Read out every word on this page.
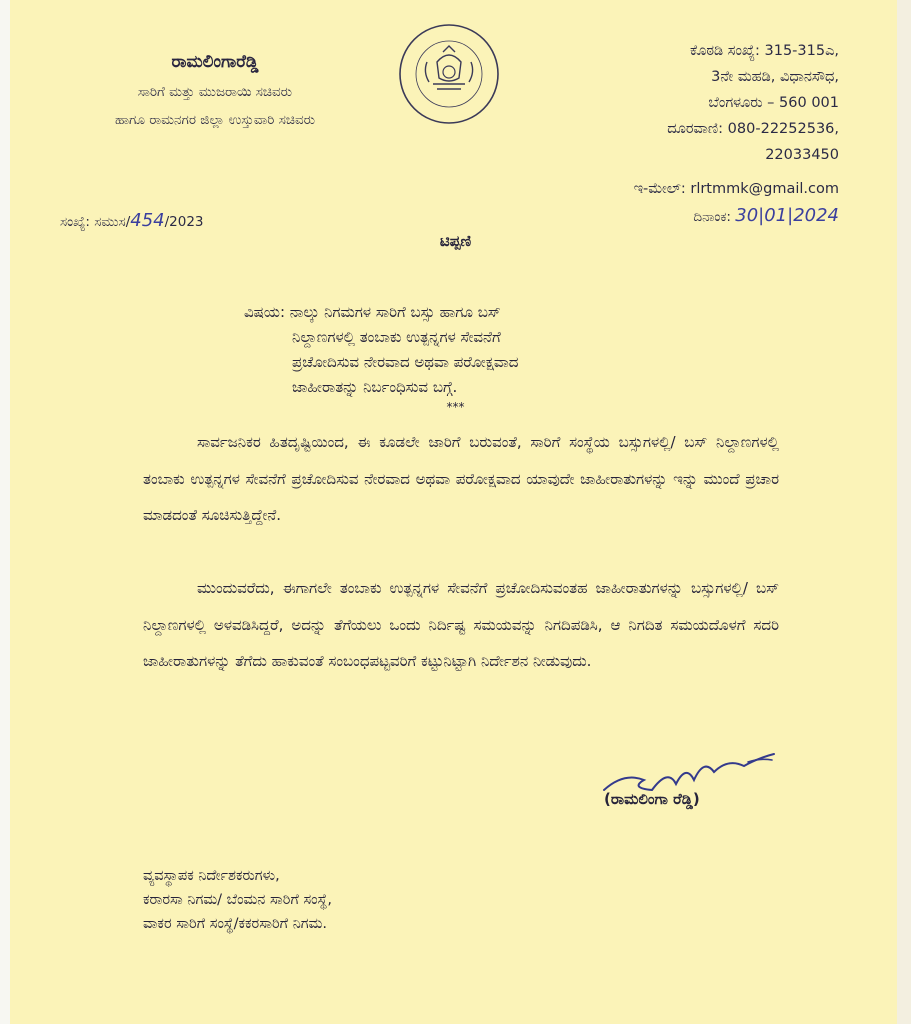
ರಾಮಲಿಂಗಾರೆಡ್ಡಿ
ಸಾರಿಗೆ ಮತ್ತು ಮುಜರಾಯಿ ಸಚಿವರು
ಹಾಗೂ ರಾಮನಗರ ಜಿಲ್ಲಾ ಉಸ್ತುವಾರಿ ಸಚಿವರು
ಕೊಠಡಿ ಸಂಖ್ಯೆ: 315-315ಎ,
3ನೇ ಮಹಡಿ, ವಿಧಾನಸೌಧ,
ಬೆಂಗಳೂರು – 560 001
ದೂರವಾಣಿ: 080-22252536,
22033450
ಇ-ಮೇಲ್: rlrtmmk@gmail.com
ಸಂಖ್ಯೆ: ಸಮುಸ/454/2023	ದಿನಾಂಕ: 30|01|2024
ಟಿಪ್ಪಣಿ
ವಿಷಯ: ನಾಲ್ಕು ನಿಗಮಗಳ ಸಾರಿಗೆ ಬಸ್ಸು ಹಾಗೂ ಬಸ್
ನಿಲ್ದಾಣಗಳಲ್ಲಿ ತಂಬಾಕು ಉತ್ಪನ್ನಗಳ ಸೇವನೆಗೆ
ಪ್ರಚೋದಿಸುವ ನೇರವಾದ ಅಥವಾ ಪರೋಕ್ಷವಾದ
ಜಾಹೀರಾತನ್ನು ನಿರ್ಬಂಧಿಸುವ ಬಗ್ಗೆ.
***
ಸಾರ್ವಜನಿಕರ ಹಿತದೃಷ್ಟಿಯಿಂದ, ಈ ಕೂಡಲೇ ಜಾರಿಗೆ ಬರುವಂತೆ, ಸಾರಿಗೆ ಸಂಸ್ಥೆಯ ಬಸ್ಸುಗಳಲ್ಲಿ/ ಬಸ್ ನಿಲ್ದಾಣಗಳಲ್ಲಿ ತಂಬಾಕು ಉತ್ಪನ್ನಗಳ ಸೇವನೆಗೆ ಪ್ರಚೋದಿಸುವ ನೇರವಾದ ಅಥವಾ ಪರೋಕ್ಷವಾದ ಯಾವುದೇ ಜಾಹೀರಾತುಗಳನ್ನು ಇನ್ನು ಮುಂದೆ ಪ್ರಚಾರ ಮಾಡದಂತೆ ಸೂಚಿಸುತ್ತಿದ್ದೇನೆ.
ಮುಂದುವರೆದು, ಈಗಾಗಲೇ ತಂಬಾಕು ಉತ್ಪನ್ನಗಳ ಸೇವನೆಗೆ ಪ್ರಚೋದಿಸುವಂತಹ ಜಾಹೀರಾತುಗಳನ್ನು ಬಸ್ಸುಗಳಲ್ಲಿ/ ಬಸ್ ನಿಲ್ದಾಣಗಳಲ್ಲಿ ಅಳವಡಿಸಿದ್ದರೆ, ಅದನ್ನು ತೆಗೆಯಲು ಒಂದು ನಿರ್ದಿಷ್ಟ ಸಮಯವನ್ನು ನಿಗದಿಪಡಿಸಿ, ಆ ನಿಗದಿತ ಸಮಯದೊಳಗೆ ಸದರಿ ಜಾಹೀರಾತುಗಳನ್ನು ತೆಗೆದು ಹಾಕುವಂತೆ ಸಂಬಂಧಪಟ್ಟವರಿಗೆ ಕಟ್ಟುನಿಟ್ಟಾಗಿ ನಿರ್ದೇಶನ ನೀಡುವುದು.
(ರಾಮಲಿಂಗಾ ರೆಡ್ಡಿ)
ವ್ಯವಸ್ಥಾಪಕ ನಿರ್ದೇಶಕರುಗಳು,
ಕರಾರಸಾ ನಿಗಮ/ ಬೆಂಮನ ಸಾರಿಗೆ ಸಂಸ್ಥೆ,
ವಾಕರ ಸಾರಿಗೆ ಸಂಸ್ಥೆ/ಕಕರಸಾರಿಗೆ ನಿಗಮ.
